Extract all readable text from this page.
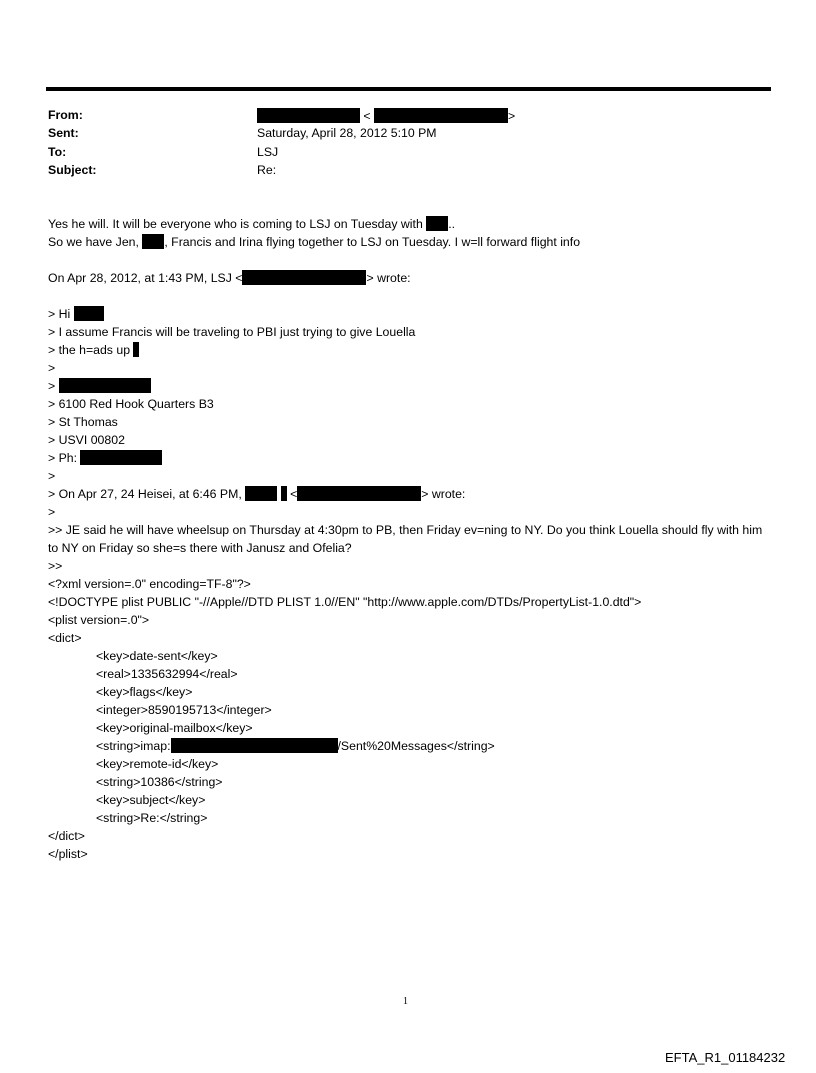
From:	<	>
Sent:	Saturday, April 28, 2012 5:10 PM
To:	LSJ
Subject:	Re:
Yes he will. It will be everyone who is coming to LSJ on Tuesday with ..
So we have Jen, , Francis and Irina flying together to LSJ on Tuesday. I w=ll forward flight info
On Apr 28, 2012, at 1:43 PM, LSJ <	> wrote:
> Hi
> I assume Francis will be traveling to PBI just trying to give Louella
> the h=ads up
>
>
> 6100 Red Hook Quarters B3
> St Thomas
> USVI 00802
> Ph:
>
> On Apr 27, 24 Heisei, at 6:46 PM,	<	> wrote:
>
>> JE said he will have wheelsup on Thursday at 4:30pm to PB, then Friday ev=ning to NY. Do you think Louella should fly with him to NY on Friday so she=s there with Janusz and Ofelia?
>>
<?xml version=.0" encoding=TF-8"?>
<!DOCTYPE plist PUBLIC "-//Apple//DTD PLIST 1.0//EN" "http://www.apple.com/DTDs/PropertyList-1.0.dtd">
<plist version=.0">
<dict>
<key>date-sent</key>
<real>1335632994</real>
<key>flags</key>
<integer>8590195713</integer>
<key>original-mailbox</key>
<string>imap:	/Sent%20Messages</string>
<key>remote-id</key>
<string>10386</string>
<key>subject</key>
<string>Re:</string>
</dict>
</plist>
1
EFTA_R1_01184232
